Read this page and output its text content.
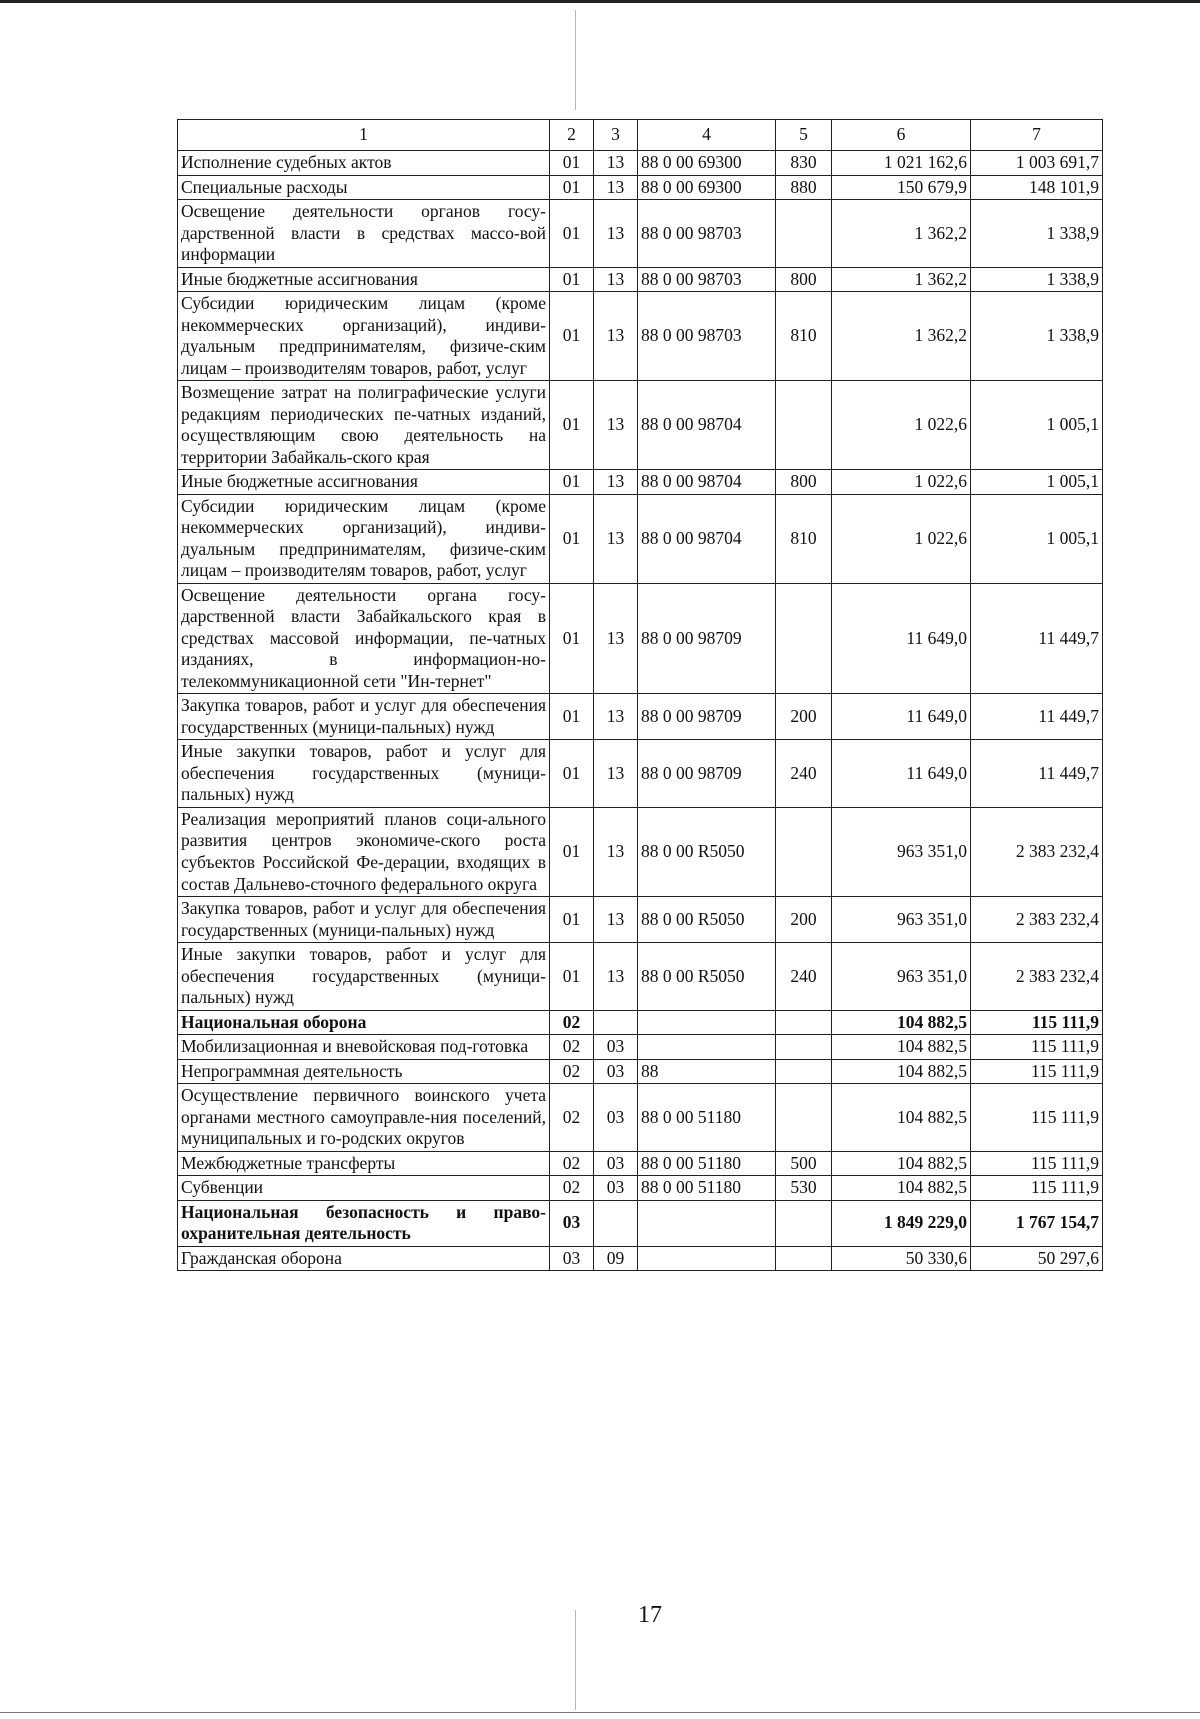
1	2	3	4	5	6	7
Исполнение судебных актов	01	13	88 0 00 69300	830	1 021 162,6	1 003 691,7
Специальные расходы	01	13	88 0 00 69300	880	150 679,9	148 101,9
Освещение деятельности органов госу-дарственной власти в средствах массо-вой информации	01	13	88 0 00 98703		1 362,2	1 338,9
Иные бюджетные ассигнования	01	13	88 0 00 98703	800	1 362,2	1 338,9
Субсидии юридическим лицам (кроме некоммерческих организаций), индиви-дуальным предпринимателям, физиче-ским лицам – производителям товаров, работ, услуг	01	13	88 0 00 98703	810	1 362,2	1 338,9
Возмещение затрат на полиграфические услуги редакциям периодических пе-чатных изданий, осуществляющим свою деятельность на территории Забайкаль-ского края	01	13	88 0 00 98704		1 022,6	1 005,1
Иные бюджетные ассигнования	01	13	88 0 00 98704	800	1 022,6	1 005,1
Субсидии юридическим лицам (кроме некоммерческих организаций), индиви-дуальным предпринимателям, физиче-ским лицам – производителям товаров, работ, услуг	01	13	88 0 00 98704	810	1 022,6	1 005,1
Освещение деятельности органа госу-дарственной власти Забайкальского края в средствах массовой информации, пе-чатных изданиях, в информацион-но-телекоммуникационной сети "Ин-тернет"	01	13	88 0 00 98709		11 649,0	11 449,7
Закупка товаров, работ и услуг для обеспечения государственных (муници-пальных) нужд	01	13	88 0 00 98709	200	11 649,0	11 449,7
Иные закупки товаров, работ и услуг для обеспечения государственных (муници-пальных) нужд	01	13	88 0 00 98709	240	11 649,0	11 449,7
Реализация мероприятий планов соци-ального развития центров экономиче-ского роста субъектов Российской Фе-дерации, входящих в состав Дальнево-сточного федерального округа	01	13	88 0 00 R5050		963 351,0	2 383 232,4
Закупка товаров, работ и услуг для обеспечения государственных (муници-пальных) нужд	01	13	88 0 00 R5050	200	963 351,0	2 383 232,4
Иные закупки товаров, работ и услуг для обеспечения государственных (муници-пальных) нужд	01	13	88 0 00 R5050	240	963 351,0	2 383 232,4
Национальная оборона	02				104 882,5	115 111,9
Мобилизационная и вневойсковая под-готовка	02	03			104 882,5	115 111,9
Непрограммная деятельность	02	03	88		104 882,5	115 111,9
Осуществление первичного воинского учета органами местного самоуправле-ния поселений, муниципальных и го-родских округов	02	03	88 0 00 51180		104 882,5	115 111,9
Межбюджетные трансферты	02	03	88 0 00 51180	500	104 882,5	115 111,9
Субвенции	02	03	88 0 00 51180	530	104 882,5	115 111,9
Национальная безопасность и право-охранительная деятельность	03				1 849 229,0	1 767 154,7
Гражданская оборона	03	09			50 330,6	50 297,6
17
